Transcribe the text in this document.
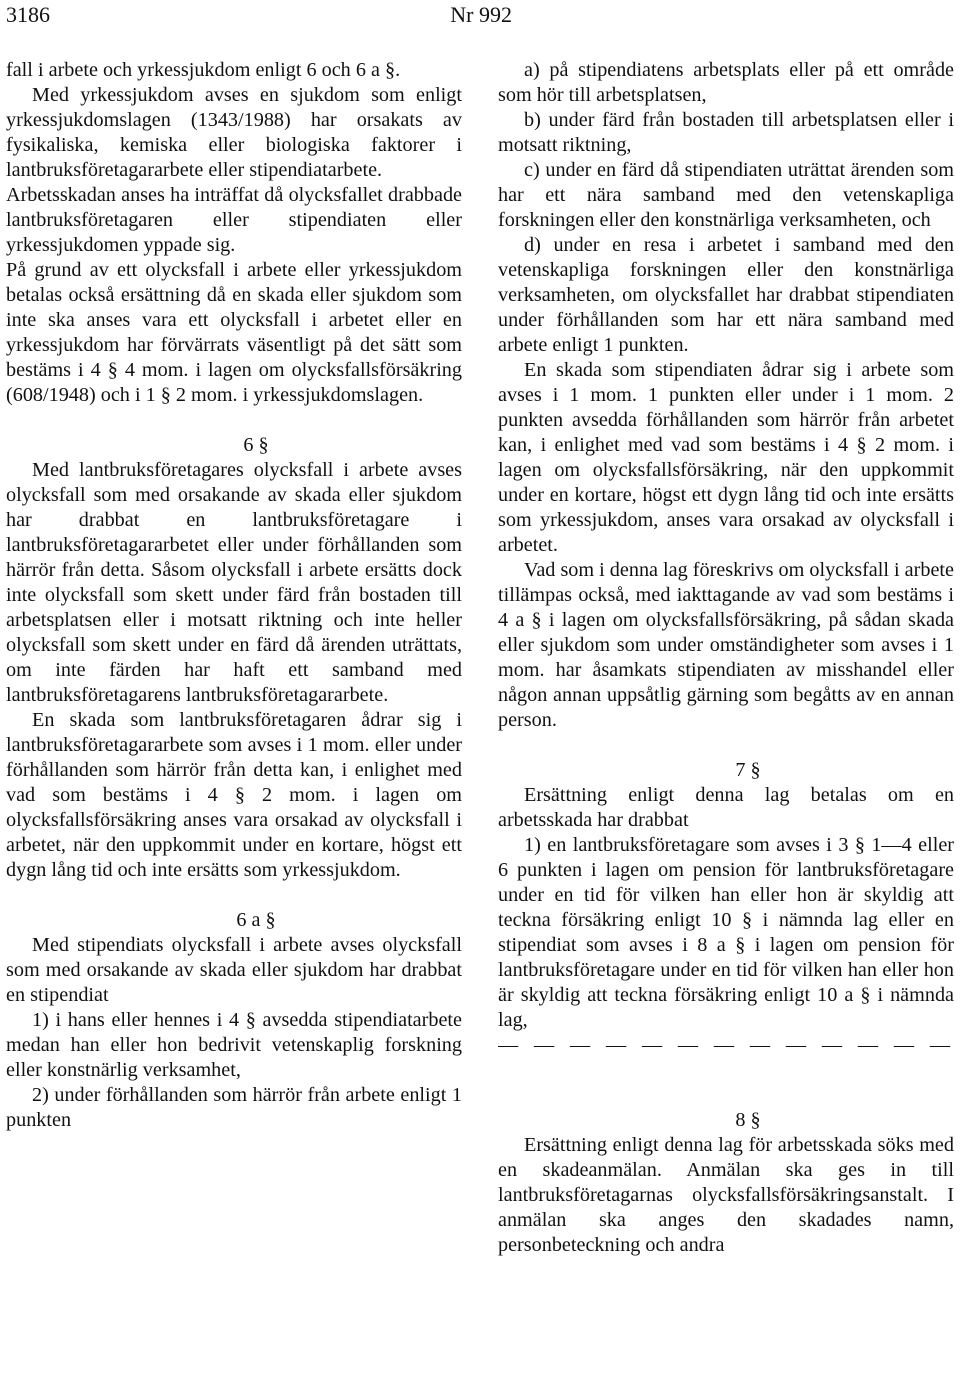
3186	Nr 992

fall i arbete och yrkessjukdom enligt 6 och 6 a §.

Med yrkessjukdom avses en sjukdom som enligt yrkessjukdomslagen (1343/1988) har orsakats av fysikaliska, kemiska eller biologiska faktorer i lantbruksföretagararbete eller stipendiatarbete.

Arbetsskadan anses ha inträffat då olycksfallet drabbade lantbruksföretagaren eller stipendiaten eller yrkessjukdomen yppade sig.

På grund av ett olycksfall i arbete eller yrkessjukdom betalas också ersättning då en skada eller sjukdom som inte ska anses vara ett olycksfall i arbetet eller en yrkessjukdom har förvärrats väsentligt på det sätt som bestäms i 4 § 4 mom. i lagen om olycksfallsförsäkring (608/1948) och i 1 § 2 mom. i yrkessjukdomslagen.

6 §

Med lantbruksföretagares olycksfall i arbete avses olycksfall som med orsakande av skada eller sjukdom har drabbat en lantbruksföretagare i lantbruksföretagararbetet eller under förhållanden som härrör från detta. Såsom olycksfall i arbete ersätts dock inte olycksfall som skett under färd från bostaden till arbetsplatsen eller i motsatt riktning och inte heller olycksfall som skett under en färd då ärenden uträttats, om inte färden har haft ett samband med lantbruksföretagarens lantbruksföretagararbete.

En skada som lantbruksföretagaren ådrar sig i lantbruksföretagararbete som avses i 1 mom. eller under förhållanden som härrör från detta kan, i enlighet med vad som bestäms i 4 § 2 mom. i lagen om olycksfallsförsäkring anses vara orsakad av olycksfall i arbetet, när den uppkommit under en kortare, högst ett dygn lång tid och inte ersätts som yrkessjukdom.

6 a §

Med stipendiats olycksfall i arbete avses olycksfall som med orsakande av skada eller sjukdom har drabbat en stipendiat

1) i hans eller hennes i 4 § avsedda stipendiatarbete medan han eller hon bedrivit vetenskaplig forskning eller konstnärlig verksamhet,

2) under förhållanden som härrör från arbete enligt 1 punkten

a) på stipendiatens arbetsplats eller på ett område som hör till arbetsplatsen,

b) under färd från bostaden till arbetsplatsen eller i motsatt riktning,

c) under en färd då stipendiaten uträttat ärenden som har ett nära samband med den vetenskapliga forskningen eller den konstnärliga verksamheten, och

d) under en resa i arbetet i samband med den vetenskapliga forskningen eller den konstnärliga verksamheten, om olycksfallet har drabbat stipendiaten under förhållanden som har ett nära samband med arbete enligt 1 punkten.

En skada som stipendiaten ådrar sig i arbete som avses i 1 mom. 1 punkten eller under i 1 mom. 2 punkten avsedda förhållanden som härrör från arbetet kan, i enlighet med vad som bestäms i 4 § 2 mom. i lagen om olycksfallsförsäkring, när den uppkommit under en kortare, högst ett dygn lång tid och inte ersätts som yrkessjukdom, anses vara orsakad av olycksfall i arbetet.

Vad som i denna lag föreskrivs om olycksfall i arbete tillämpas också, med iakttagande av vad som bestäms i 4 a § i lagen om olycksfallsförsäkring, på sådan skada eller sjukdom som under omständigheter som avses i 1 mom. har åsamkats stipendiaten av misshandel eller någon annan uppsåtlig gärning som begåtts av en annan person.

7 §

Ersättning enligt denna lag betalas om en arbetsskada har drabbat

1) en lantbruksföretagare som avses i 3 § 1—4 eller 6 punkten i lagen om pension för lantbruksföretagare under en tid för vilken han eller hon är skyldig att teckna försäkring enligt 10 § i nämnda lag eller en stipendiat som avses i 8 a § i lagen om pension för lantbruksföretagare under en tid för vilken han eller hon är skyldig att teckna försäkring enligt 10 a § i nämnda lag,

— — — — — — — — — — — — —
8 §

Ersättning enligt denna lag för arbetsskada söks med en skadeanmälan. Anmälan ska ges in till lantbruksföretagarnas olycksfallsförsäkringsanstalt. I anmälan ska anges den skadades namn, personbeteckning och andra
